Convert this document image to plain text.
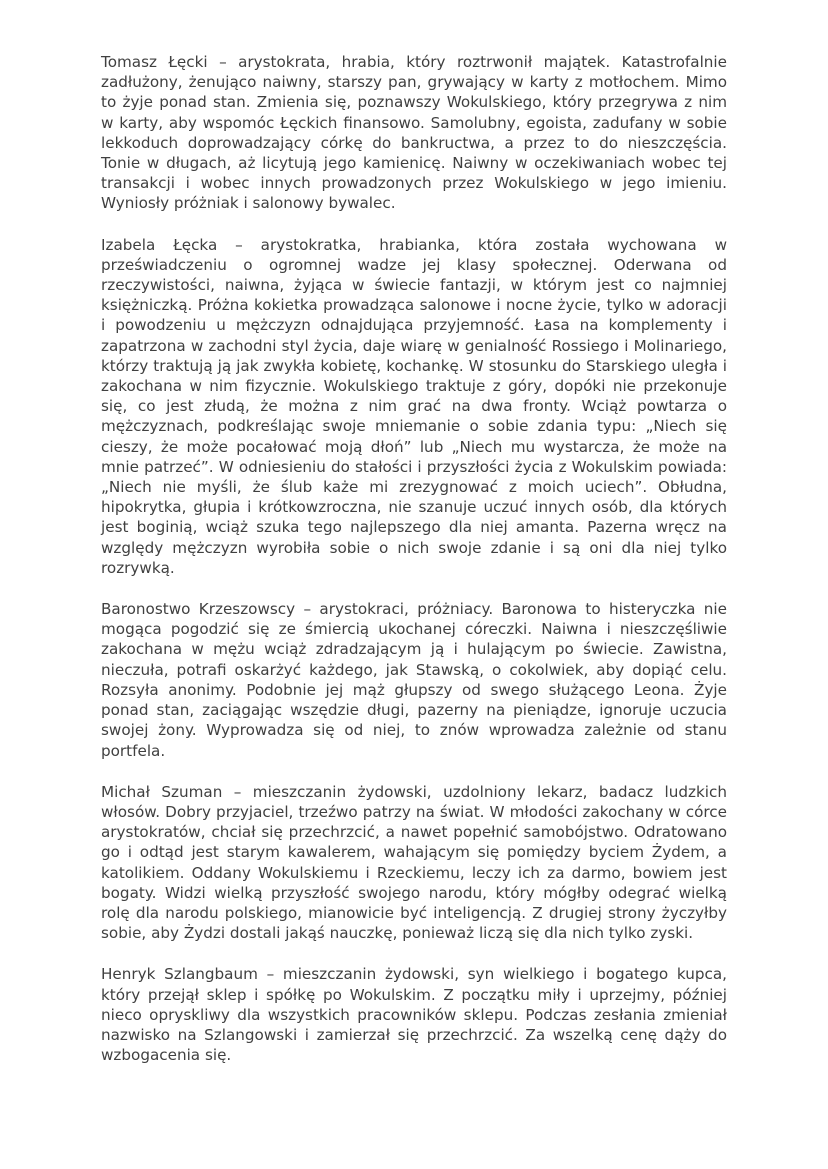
Tomasz Łęcki – arystokrata, hrabia, który roztrwonił majątek. Katastrofalnie zadłużony, żenująco naiwny, starszy pan, grywający w karty z motłochem. Mimo to żyje ponad stan. Zmienia się, poznawszy Wokulskiego, który przegrywa z nim w karty, aby wspomóc Łęckich finansowo. Samolubny, egoista, zadufany w sobie lekkoduch doprowadzający córkę do bankructwa, a przez to do nieszczęścia. Tonie w długach, aż licytują jego kamienicę. Naiwny w oczekiwaniach wobec tej transakcji i wobec innych prowadzonych przez Wokulskiego w jego imieniu. Wyniosły próżniak i salonowy bywalec.

Izabela Łęcka – arystokratka, hrabianka, która została wychowana w przeświadczeniu o ogromnej wadze jej klasy społecznej. Oderwana od rzeczywistości, naiwna, żyjąca w świecie fantazji, w którym jest co najmniej księżniczką. Próżna kokietka prowadząca salonowe i nocne życie, tylko w adoracji i powodzeniu u mężczyzn odnajdująca przyjemność. Łasa na komplementy i zapatrzona w zachodni styl życia, daje wiarę w genialność Rossiego i Molinariego, którzy traktują ją jak zwykła kobietę, kochankę. W stosunku do Starskiego uległa i zakochana w nim fizycznie. Wokulskiego traktuje z góry, dopóki nie przekonuje się, co jest złudą, że można z nim grać na dwa fronty. Wciąż powtarza o mężczyznach, podkreślając swoje mniemanie o sobie zdania typu: „Niech się cieszy, że może pocałować moją dłoń” lub „Niech mu wystarcza, że może na mnie patrzeć”. W odniesieniu do stałości i przyszłości życia z Wokulskim powiada: „Niech nie myśli, że ślub każe mi zrezygnować z moich uciech”. Obłudna, hipokrytka, głupia i krótkowzroczna, nie szanuje uczuć innych osób, dla których jest boginią, wciąż szuka tego najlepszego dla niej amanta. Pazerna wręcz na względy mężczyzn wyrobiła sobie o nich swoje zdanie i są oni dla niej tylko rozrywką.

Baronostwo Krzeszowscy – arystokraci, próżniacy. Baronowa to histeryczka nie mogąca pogodzić się ze śmiercią ukochanej córeczki. Naiwna i nieszczęśliwie zakochana w mężu wciąż zdradzającym ją i hulającym po świecie. Zawistna, nieczuła, potrafi oskarżyć każdego, jak Stawską, o cokolwiek, aby dopiąć celu. Rozsyła anonimy. Podobnie jej mąż głupszy od swego służącego Leona. Żyje ponad stan, zaciągając wszędzie długi, pazerny na pieniądze, ignoruje uczucia swojej żony. Wyprowadza się od niej, to znów wprowadza zależnie od stanu portfela.

Michał Szuman – mieszczanin żydowski, uzdolniony lekarz, badacz ludzkich włosów. Dobry przyjaciel, trzeźwo patrzy na świat. W młodości zakochany w córce arystokratów, chciał się przechrzcić, a nawet popełnić samobójstwo. Odratowano go i odtąd jest starym kawalerem, wahającym się pomiędzy byciem Żydem, a katolikiem. Oddany Wokulskiemu i Rzeckiemu, leczy ich za darmo, bowiem jest bogaty. Widzi wielką przyszłość swojego narodu, który mógłby odegrać wielką rolę dla narodu polskiego, mianowicie być inteligencją. Z drugiej strony życzyłby sobie, aby Żydzi dostali jakąś nauczkę, ponieważ liczą się dla nich tylko zyski.

Henryk Szlangbaum – mieszczanin żydowski, syn wielkiego i bogatego kupca, który przejął sklep i spółkę po Wokulskim. Z początku miły i uprzejmy, później nieco opryskliwy dla wszystkich pracowników sklepu. Podczas zesłania zmieniał nazwisko na Szlangowski i zamierzał się przechrzcić. Za wszelką cenę dąży do wzbogacenia się.
